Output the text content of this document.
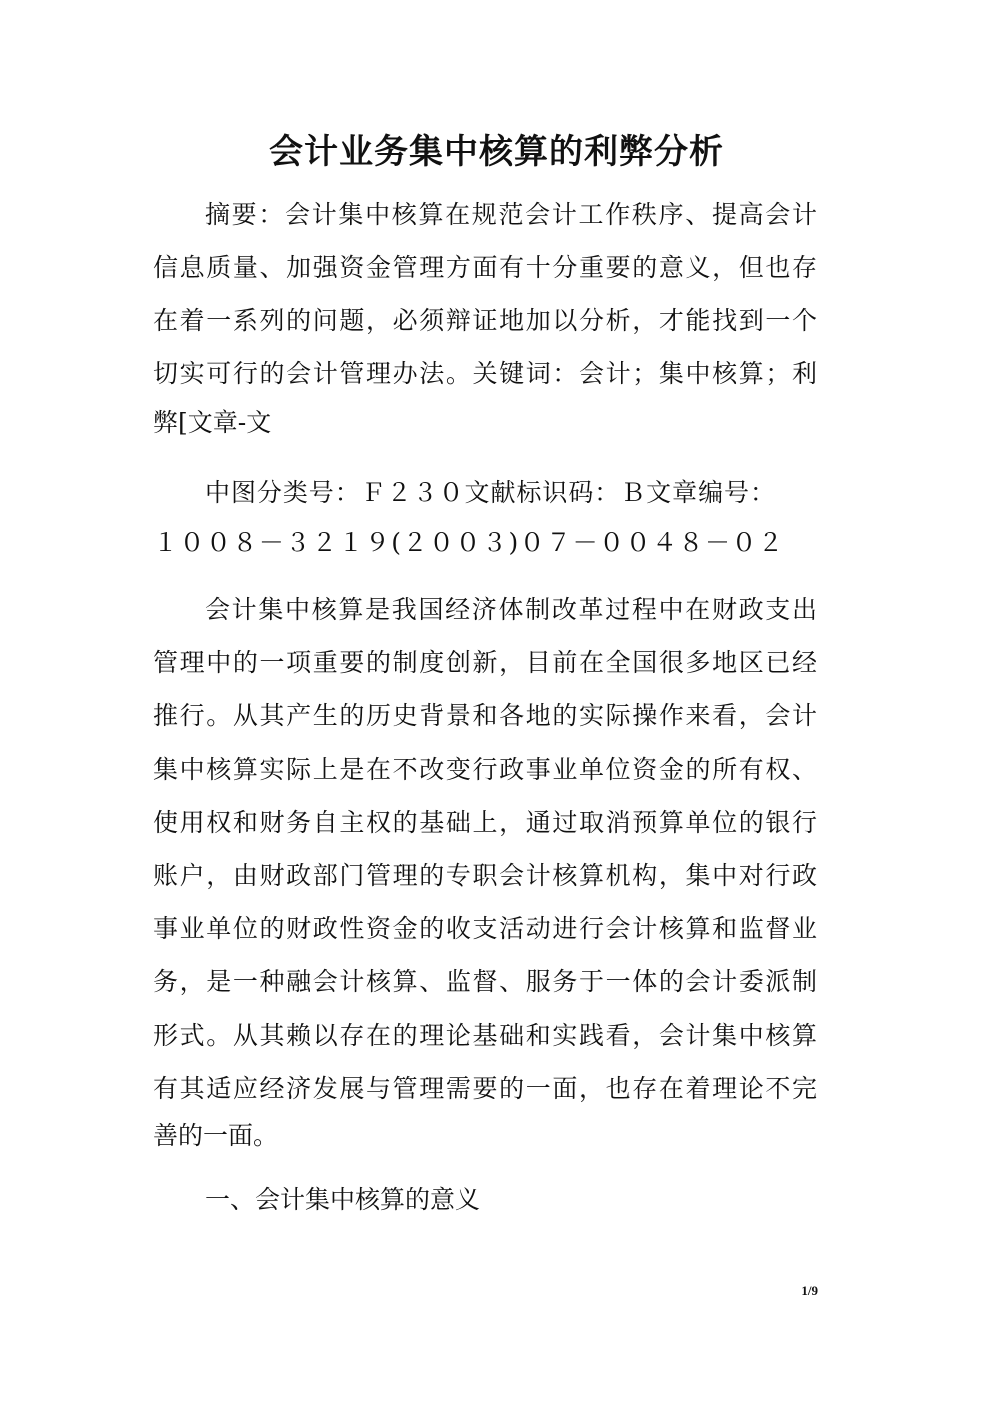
会计业务集中核算的利弊分析
摘要：会计集中核算在规范会计工作秩序、提高会计
信息质量、加强资金管理方面有十分重要的意义，但也存
在着一系列的问题，必须辩证地加以分析，才能找到一个
切实可行的会计管理办法。关键词：会计；集中核算；利
弊[文章-文
中图分类号：Ｆ２３０文献标识码：Ｂ文章编号：
１００８－３２１９(２００３)０７－００４８－０２
会计集中核算是我国经济体制改革过程中在财政支出
管理中的一项重要的制度创新，目前在全国很多地区已经
推行。从其产生的历史背景和各地的实际操作来看，会计
集中核算实际上是在不改变行政事业单位资金的所有权、
使用权和财务自主权的基础上，通过取消预算单位的银行
账户，由财政部门管理的专职会计核算机构，集中对行政
事业单位的财政性资金的收支活动进行会计核算和监督业
务，是一种融会计核算、监督、服务于一体的会计委派制
形式。从其赖以存在的理论基础和实践看，会计集中核算
有其适应经济发展与管理需要的一面，也存在着理论不完
善的一面。
一、会计集中核算的意义
1/9
